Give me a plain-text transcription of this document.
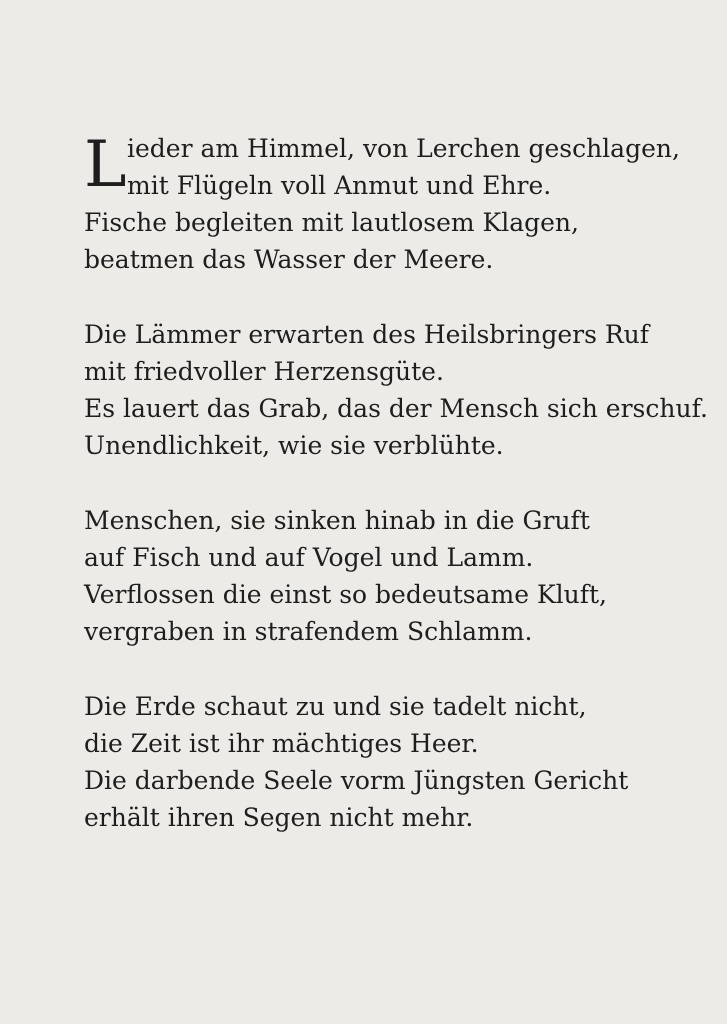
L ieder am Himmel, von Lerchen geschlagen,
mit Flügeln voll Anmut und Ehre.
Fische begleiten mit lautlosem Klagen,
beatmen das Wasser der Meere.
Die Lämmer erwarten des Heilsbringers Ruf
mit friedvoller Herzensgüte.
Es lauert das Grab, das der Mensch sich erschuf.
Unendlichkeit, wie sie verblühte.
Menschen, sie sinken hinab in die Gruft
auf Fisch und auf Vogel und Lamm.
Verflossen die einst so bedeutsame Kluft,
vergraben in strafendem Schlamm.
Die Erde schaut zu und sie tadelt nicht,
die Zeit ist ihr mächtiges Heer.
Die darbende Seele vorm Jüngsten Gericht
erhält ihren Segen nicht mehr.
